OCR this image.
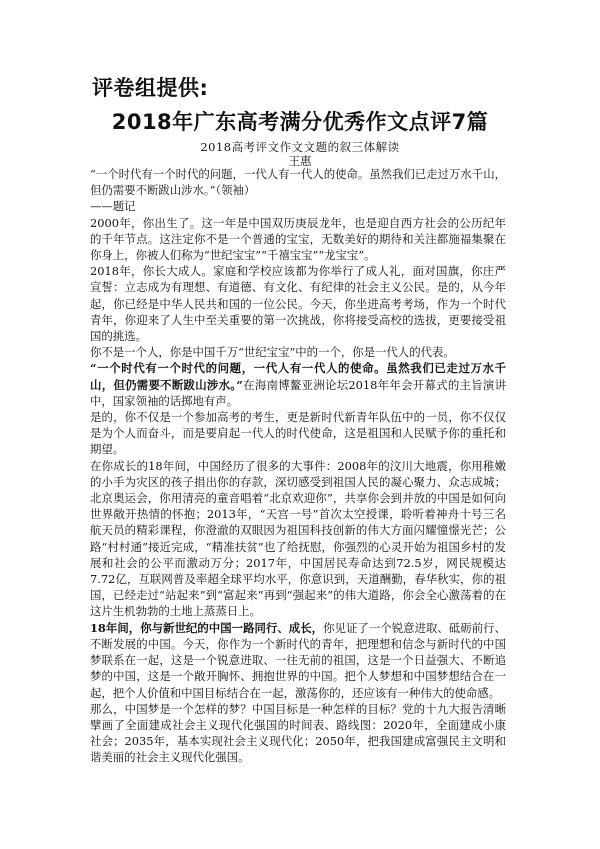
评卷组提供:
2018年广东高考满分优秀作文点评7篇
2018高考评文作文文题的叙三体解读
王惠

“一个时代有一个时代的问题，一代人有一代人的使命。虽然我们已走过万水千山，但仍需要不断跋山涉水。”（领袖）

——题记

2000年，你出生了。这一年是中国双历庚辰龙年，也是迎自西方社会的公历纪年的千年节点。这注定你不是一个普通的宝宝，无数美好的期待和关注都施福集聚在你身上，你被人们称为“世纪宝宝”“千禧宝宝”“龙宝宝”。

2018年，你长大成人。家庭和学校应该都为你举行了成人礼，面对国旗，你庄严宣誓：立志成为有理想、有道德、有文化、有纪律的社会主义公民。是的，从今年起，你已经是中华人民共和国的一位公民。今天，你坐进高考考场，作为一个时代青年，你迎来了人生中至关重要的第一次挑战，你将接受高校的选拔，更要接受祖国的挑选。

你不是一个人，你是中国千万“世纪宝宝”中的一个，你是一代人的代表。

“一个时代有一个时代的问题，一代人有一代人的使命。虽然我们已走过万水千山，但仍需要不断跋山涉水。”在海南博鳌亚洲论坛2018年年会开幕式的主旨演讲中，国家领袖的话掷地有声。

是的，你不仅是一个参加高考的考生，更是新时代新青年队伍中的一员，你不仅仅是为个人而奋斗，而是要肩起一代人的时代使命，这是祖国和人民赋予你的重托和期望。

在你成长的18年间，中国经历了很多的大事件：2008年的汶川大地震，你用稚嫩的小手为灾区的孩子捐出你的存款，深切感受到祖国人民的凝心聚力、众志成城；北京奥运会，你用清亮的童音唱着“北京欢迎你”，共享你会到并放的中国是如何向世界敞开热情的怀抱；2013年，“天宫一号”首次太空授课，聆听着神舟十号三名航天员的精彩课程，你澄澈的双眼因为祖国科技创新的伟大方面闪耀憧憬光芒；公路“村村通”接近完成，“精准扶贫”也了给抚慰，你强烈的心灵开始为祖国乡村的发展和社会的公平而激动万分；2017年，中国居民寿命达到72.5岁，网民规模达7.72亿，互联网普及率超全球平均水平，你意识到，天道酬勤，春华秋实，你的祖国，已经走过“站起来”到“富起来”再到“强起来”的伟大道路，你会全心激荡着的在这片生机勃勃的土地上蒸蒸日上。

18年间，你与新世纪的中国一路同行、成长，你见证了一个锐意进取、砥砺前行、不断发展的中国。今天，你作为一个新时代的青年，把理想和信念与新时代的中国梦联系在一起，这是一个锐意进取、一往无前的祖国，这是一个日益强大、不断追梦的中国，这是一个敞开胸怀、拥抱世界的中国。把个人梦想和中国梦想结合在一起，把个人价值和中国目标结合在一起，激荡你的，还应该有一种伟大的使命感。

那么，中国梦是一个怎样的梦？中国目标是一种怎样的目标？党的十九大报告清晰擘画了全面建成社会主义现代化强国的时间表、路线图：2020年，全面建成小康社会；2035年，基本实现社会主义现代化；2050年，把我国建成富强民主文明和谐美丽的社会主义现代化强国。
